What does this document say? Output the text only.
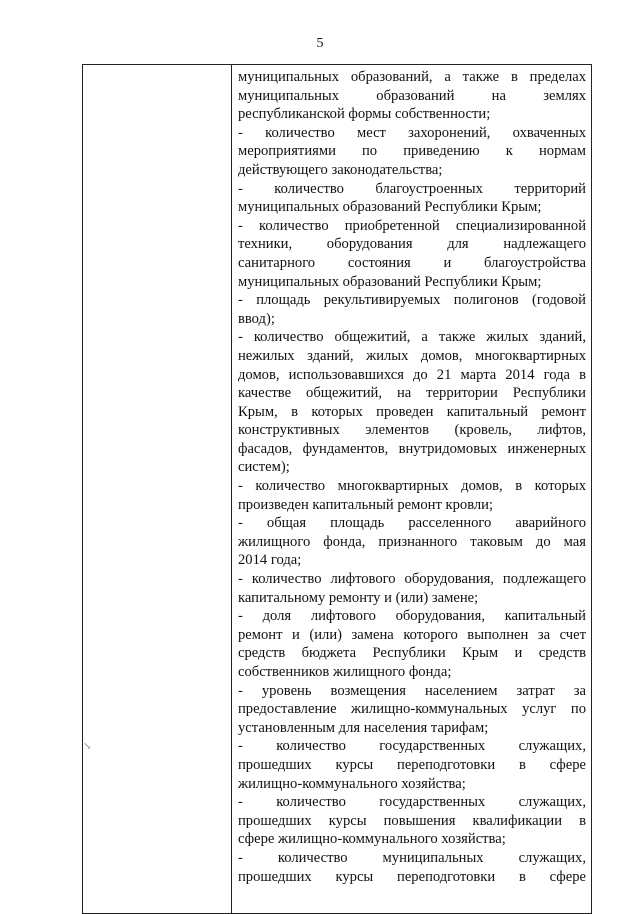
5
↘
муниципальных образований, а также в пределах
муниципальных образований на землях
республиканской формы собственности;
- количество мест захоронений, охваченных
мероприятиями по приведению к нормам
действующего законодательства;
- количество благоустроенных территорий
муниципальных образований Республики Крым;
- количество приобретенной специализированной
техники, оборудования для надлежащего
санитарного состояния и благоустройства
муниципальных образований Республики Крым;
- площадь рекультивируемых полигонов (годовой
ввод);
- количество общежитий, а также жилых зданий,
нежилых зданий, жилых домов, многоквартирных
домов, использовавшихся до 21 марта 2014 года в
качестве общежитий, на территории Республики
Крым, в которых проведен капитальный ремонт
конструктивных элементов (кровель, лифтов,
фасадов, фундаментов, внутридомовых инженерных
систем);
- количество многоквартирных домов, в которых
произведен капитальный ремонт кровли;
- общая площадь расселенного аварийного
жилищного фонда, признанного таковым до мая
2014 года;
- количество лифтового оборудования, подлежащего
капитальному ремонту и (или) замене;
- доля лифтового оборудования, капитальный
ремонт и (или) замена которого выполнен за счет
средств бюджета Республики Крым и средств
собственников жилищного фонда;
- уровень возмещения населением затрат за
предоставление жилищно-коммунальных услуг по
установленным для населения тарифам;
- количество государственных служащих,
прошедших курсы переподготовки в сфере
жилищно-коммунального хозяйства;
- количество государственных служащих,
прошедших курсы повышения квалификации в
сфере жилищно-коммунального хозяйства;
- количество муниципальных служащих,
прошедших курсы переподготовки в сфере
